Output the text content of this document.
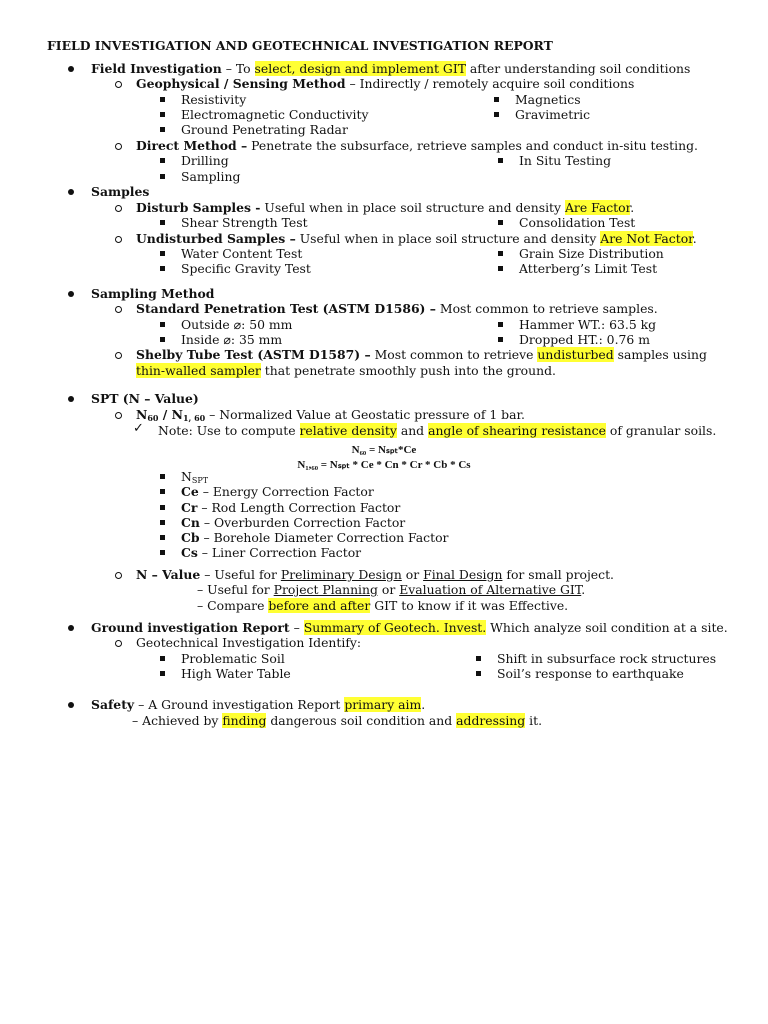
FIELD INVESTIGATION AND GEOTECHNICAL INVESTIGATION REPORT
Field Investigation – To select, design and implement GIT after understanding soil conditions
Geophysical / Sensing Method – Indirectly / remotely acquire soil conditions
Resistivity	Magnetics
Electromagnetic Conductivity	Gravimetric
Ground Penetrating Radar
Direct Method – Penetrate the subsurface, retrieve samples and conduct in-situ testing.
Drilling	In Situ Testing
Sampling
Samples
Disturb Samples - Useful when in place soil structure and density Are Factor.
Shear Strength Test	Consolidation Test
Undisturbed Samples – Useful when in place soil structure and density Are Not Factor.
Water Content Test	Grain Size Distribution
Specific Gravity Test	Atterberg’s Limit Test
Sampling Method
Standard Penetration Test (ASTM D1586) – Most common to retrieve samples.
Outside ⌀: 50 mm	Hammer WT.: 63.5 kg
Inside ⌀: 35 mm	Dropped HT.: 0.76 m
Shelby Tube Test (ASTM D1587) – Most common to retrieve undisturbed samples using
thin-walled sampler that penetrate smoothly push into the ground.
SPT (N – Value)
$N_{60} / N_{1, 60}$ – Normalized Value at Geostatic pressure of 1 bar.
✓ Note: Use to compute relative density and angle of shearing resistance of granular soils.
N₆₀ = Nₛₚₜ*Ce
N₁,₆₀ = Nₛₚₜ * Ce * Cn * Cr * Cb * Cs
$N_{SPT}$
Ce – Energy Correction Factor
Cr – Rod Length Correction Factor
Cn – Overburden Correction Factor
Cb – Borehole Diameter Correction Factor
Cs – Liner Correction Factor
N – Value – Useful for Preliminary Design or Final Design for small project.
– Useful for Project Planning or Evaluation of Alternative GIT.
– Compare before and after GIT to know if it was Effective.
Ground investigation Report – Summary of Geotech. Invest. Which analyze soil condition at a site.
Geotechnical Investigation Identify:
Problematic Soil	Shift in subsurface rock structures
High Water Table	Soil’s response to earthquake
Safety – A Ground investigation Report primary aim.
– Achieved by finding dangerous soil condition and addressing it.
